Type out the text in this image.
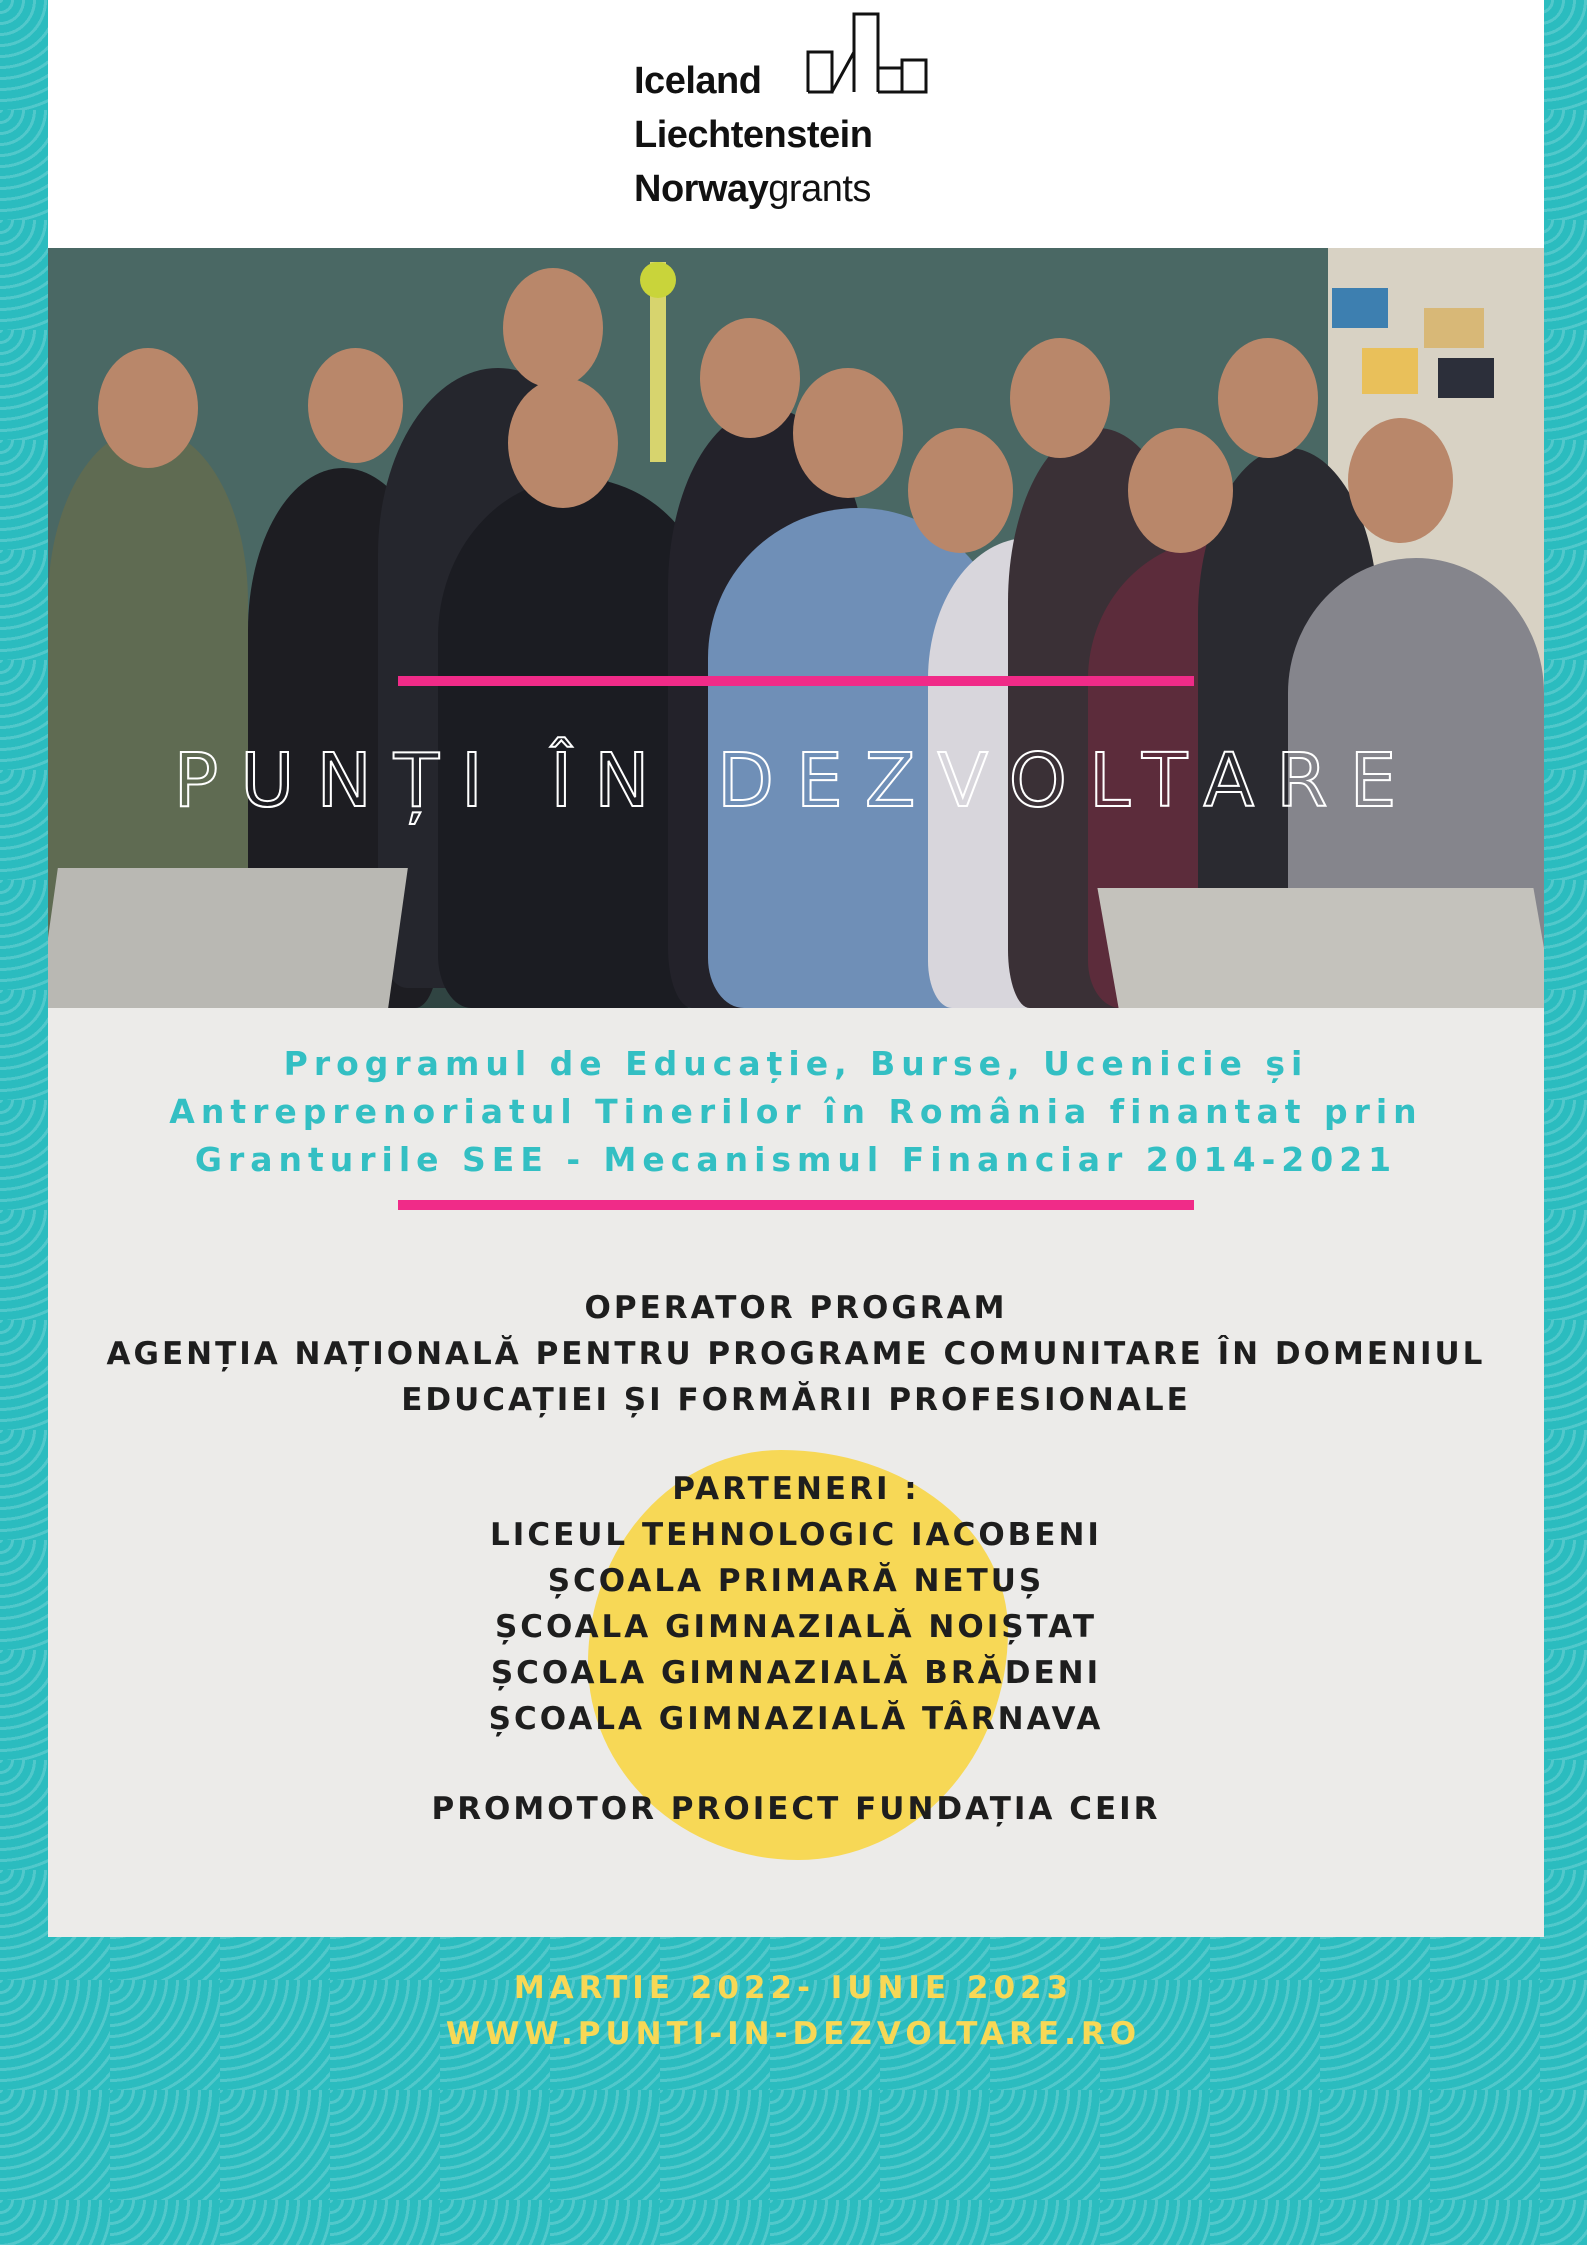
Iceland
Liechtenstein
Norwaygrants
PUNȚI ÎN DEZVOLTARE
Programul de Educație, Burse, Ucenicie și
Antreprenoriatul Tinerilor în România finantat prin
Granturile SEE - Mecanismul Financiar 2014-2021
OPERATOR PROGRAM
AGENȚIA NAȚIONALĂ PENTRU PROGRAME COMUNITARE ÎN DOMENIUL
EDUCAȚIEI ȘI FORMĂRII PROFESIONALE
PARTENERI :
LICEUL TEHNOLOGIC IACOBENI
ȘCOALA PRIMARĂ NETUȘ
ȘCOALA GIMNAZIALĂ NOIȘTAT
ȘCOALA GIMNAZIALĂ BRĂDENI
ȘCOALA GIMNAZIALĂ TÂRNAVA
PROMOTOR PROIECT FUNDAȚIA CEIR
MARTIE 2022- IUNIE 2023
WWW.PUNTI-IN-DEZVOLTARE.RO
